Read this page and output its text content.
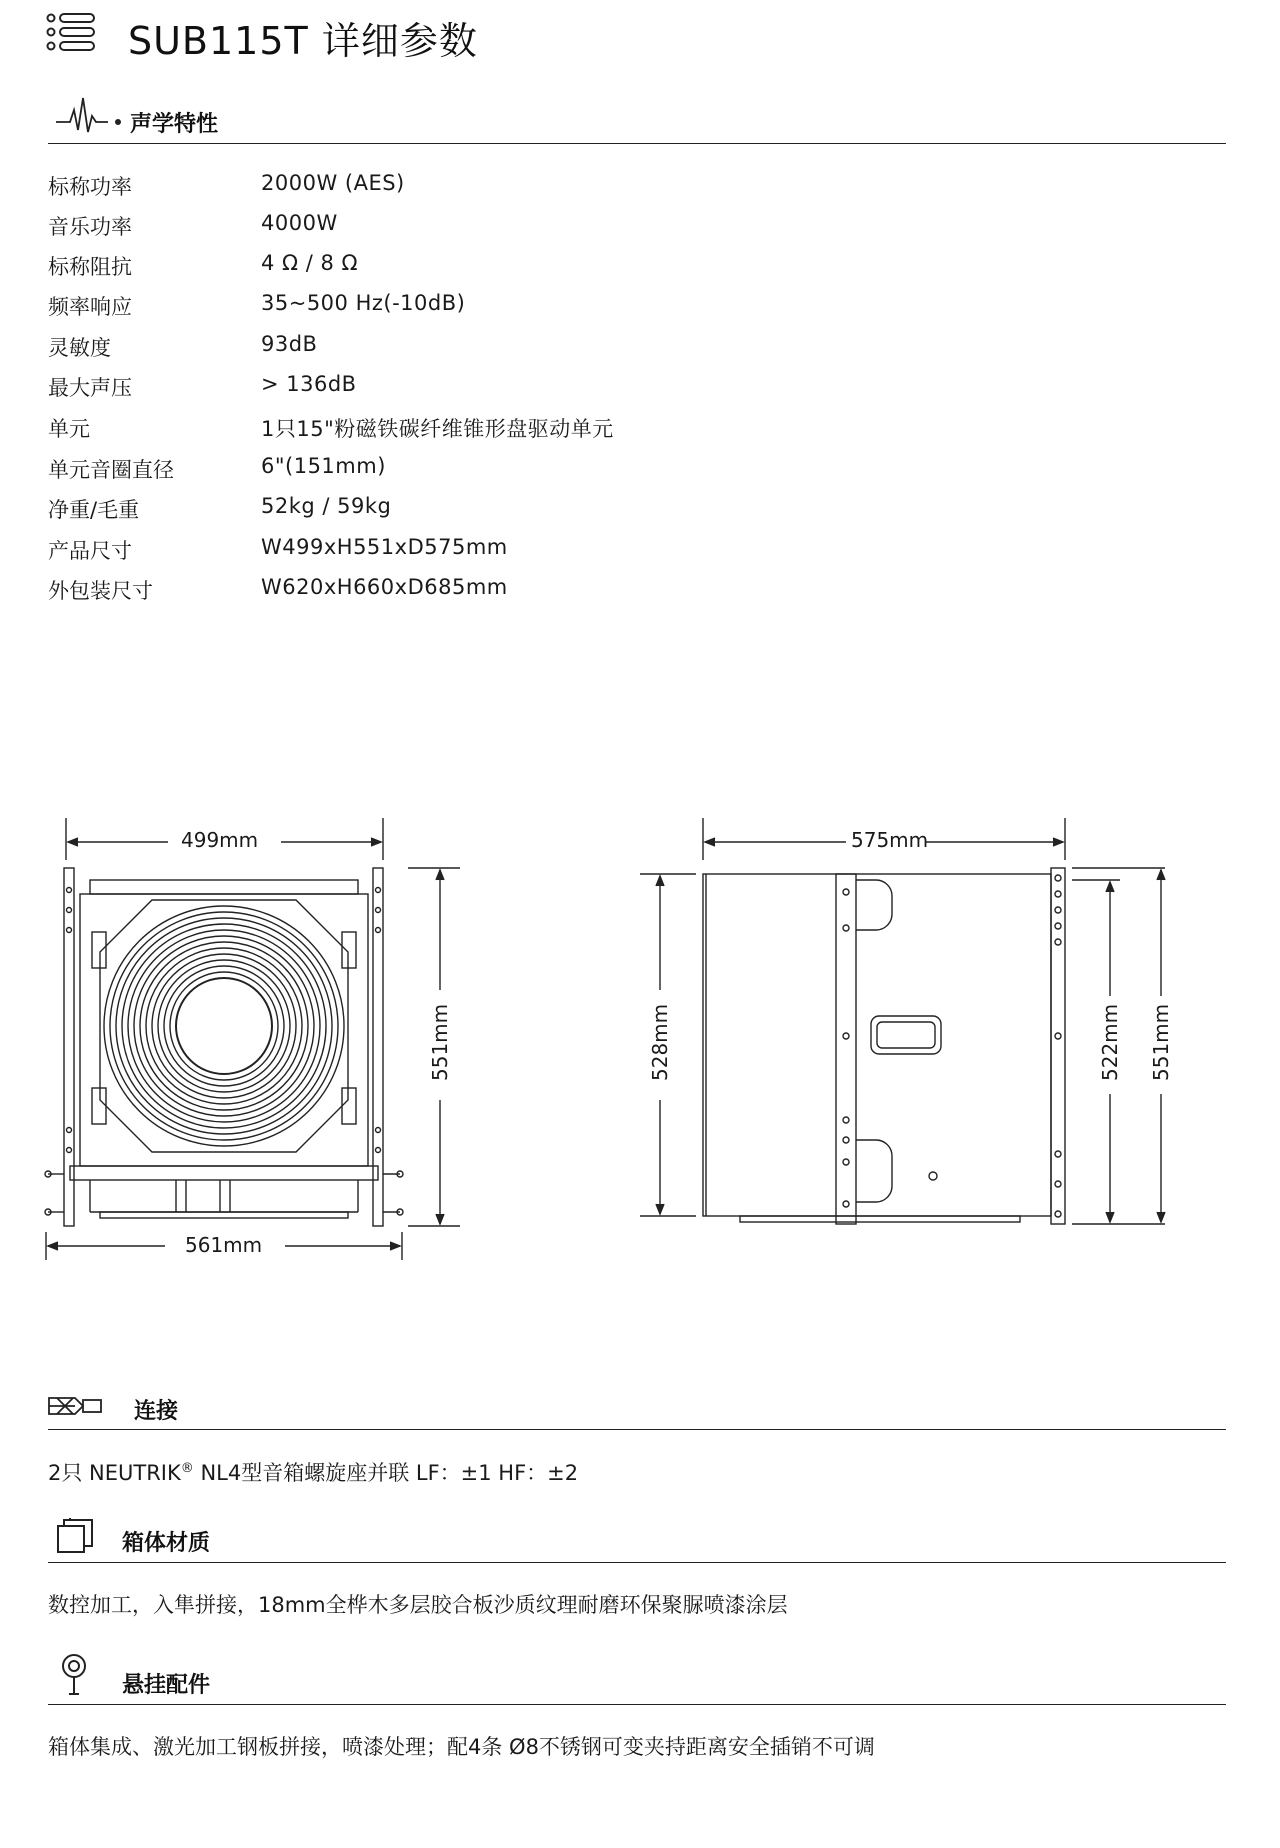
SUB115T 详细参数
声学特性
标称功率	2000W (AES)
音乐功率	4000W
标称阻抗	4 Ω / 8 Ω
频率响应	35~500 Hz(-10dB)
灵敏度	93dB
最大声压	> 136dB
单元	1只15"粉磁铁碳纤维锥形盘驱动单元
单元音圈直径	6"(151mm)
净重/毛重	52kg / 59kg
产品尺寸	W499xH551xD575mm
外包装尺寸	W620xH660xD685mm
499mm
561mm
551mm
575mm
528mm	522mm 551mm
连接
2只 NEUTRIK® NL4型音箱螺旋座并联 LF：±1 HF：±2
箱体材质
数控加工，入隼拼接，18mm全桦木多层胶合板沙质纹理耐磨环保聚脲喷漆涂层
悬挂配件
箱体集成、激光加工钢板拼接，喷漆处理；配4条 Ø8不锈钢可变夹持距离安全插销不可调
